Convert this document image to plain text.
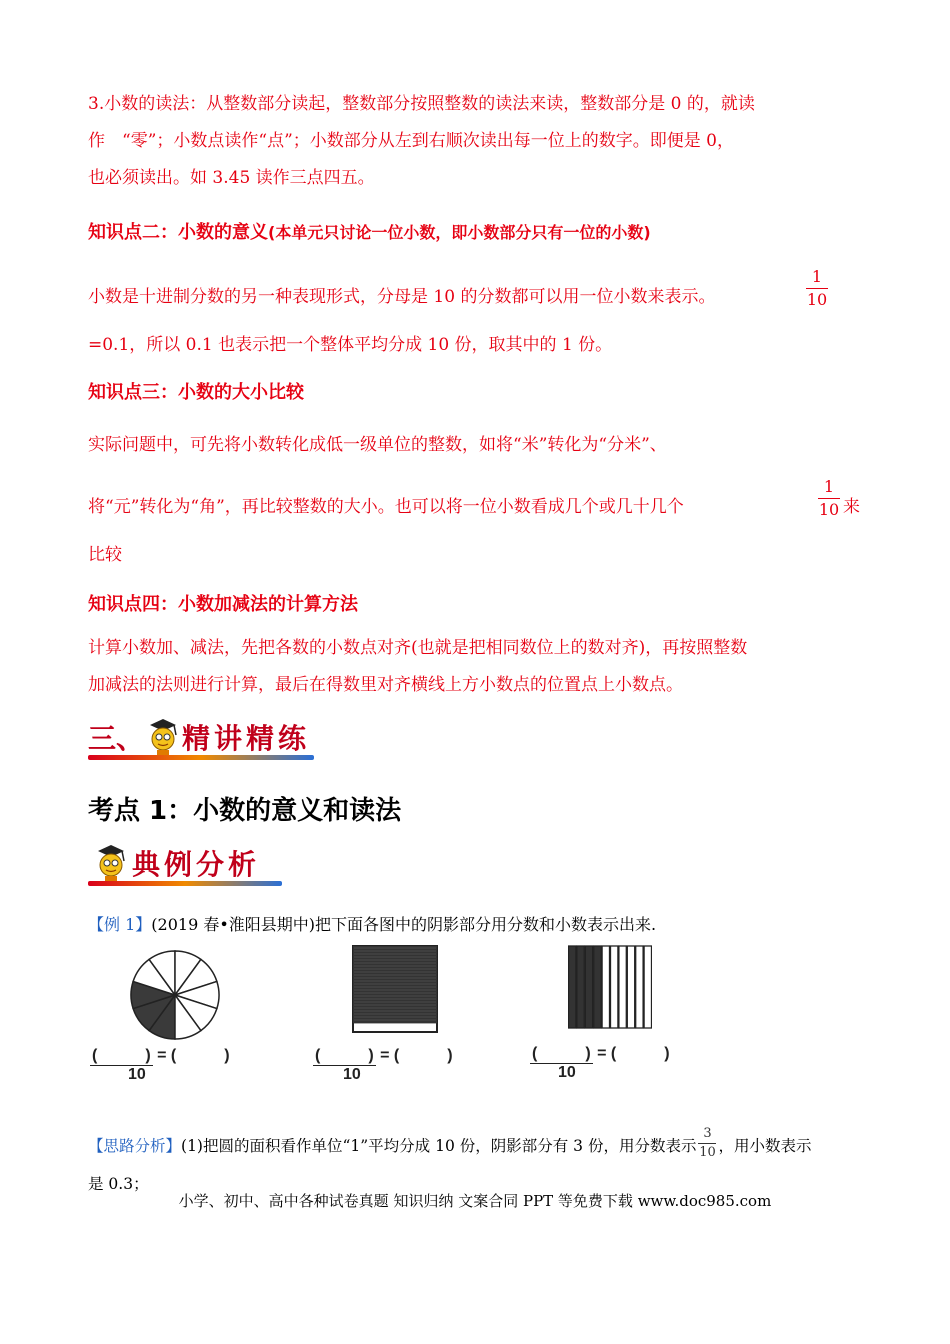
3.小数的读法：从整数部分读起，整数部分按照整数的读法来读，整数部分是 0 的，就读
作　“零”；小数点读作“点”；小数部分从左到右顺次读出每一位上的数字。即便是 0，
也必须读出。如 3.45 读作三点四五。
知识点二：小数的意义(本单元只讨论一位小数，即小数部分只有一位的小数)
小数是十进制分数的另一种表现形式，分母是 10 的分数都可以用一位小数来表示。
1
10
=0.1，所以 0.1 也表示把一个整体平均分成 10 份，取其中的 1 份。
知识点三：小数的大小比较
实际问题中，可先将小数转化成低一级单位的整数，如将“米”转化为“分米”、
将“元”转化为“角”，再比较整数的大小。也可以将一位小数看成几个或几十几个
1
10 来
比较
知识点四：小数加减法的计算方法
计算小数加、减法，先把各数的小数点对齐(也就是把相同数位上的数对齐)，再按照整数
加减法的法则进行计算，最后在得数里对齐横线上方小数点的位置点上小数点。
三、 精讲精练
考点 1：小数的意义和读法
典例分析
【例 1】(2019 春•淮阳县期中)把下面各图中的阴影部分用分数和小数表示出来.
(　　　) = (　　　)
10
(　　　) = (　　　)
10
(　　　) = (　　　)
10
【思路分析】(1)把圆的面积看作单位“1”平均分成 10 份，阴影部分有 3 份，用分数表示 $\frac{3}{10}$ ，用小数表示
是 0.3；
小学、初中、高中各种试卷真题 知识归纳 文案合同 PPT 等免费下载 www.doc985.com
